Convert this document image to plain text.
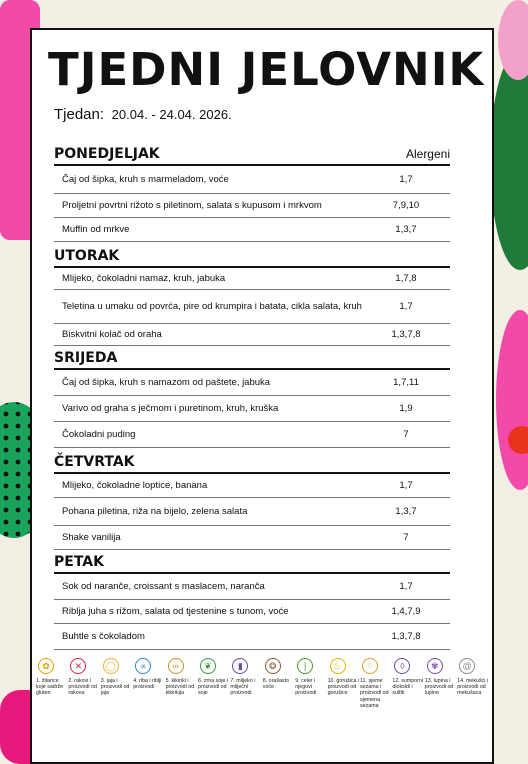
TJEDNI JELOVNIK
Tjedan: 20.04. - 24.04. 2026.
PONEDJELJAK	Alergeni
Čaj od šipka, kruh s marmeladom, voće	1,7
Proljetni povrtni rižoto s piletinom, salata s kupusom i mrkvom	7,9,10
Muffin od mrkve	1,3,7
UTORAK
Mlijeko, čokoladni namaz, kruh, jabuka	1,7,8
Teletina u umaku od povrća, pire od krumpira i batata, cikla salata, kruh	1,7
Biskvitni kolač od oraha	1,3,7,8
SRIJEDA
Čaj od šipka, kruh s namazom od paštete, jabuka	1,7,11
Varivo od graha s ječmom i puretinom, kruh, kruška	1,9
Čokoladni puding	7
ČETVRTAK
Mlijeko, čokoladne loptice, banana	1,7
Pohana piletina, riža na bijelo, zelena salata	1,3,7
Shake vanilija	7
PETAK
Sok od naranče, croissant s maslacem, naranča	1,7
Riblja juha s rižom, salata od tjestenine s tunom, voće	1,4,7,9
Buhtle s čokoladom	1,3,7,8
✿
1. žitarice koje sadrže gluten
✕
2. rakovi i proizvodi od rakova
◯
3. jaja i proizvodi od jaja
∝
4. riba i riblji proizvodi
∞
5. kikiriki i proizvodi od kikirikija
❦
6. zrna soje i proizvodi od soje
▮
7. mlijeko i mliječni proizvodi
❂
8. orašasto voće
❘
9. celer i njegovi proizvodi
♨
10. gorušica i proizvodi od gorušice
⁘
11. sjeme sezama i proizvodi od sjemena sezama
◊
12. sumporni dioksidi i sulfiti
✾
13. lupina i proizvodi od lupine
@
14. mekušci i proizvodi od mekušaca
